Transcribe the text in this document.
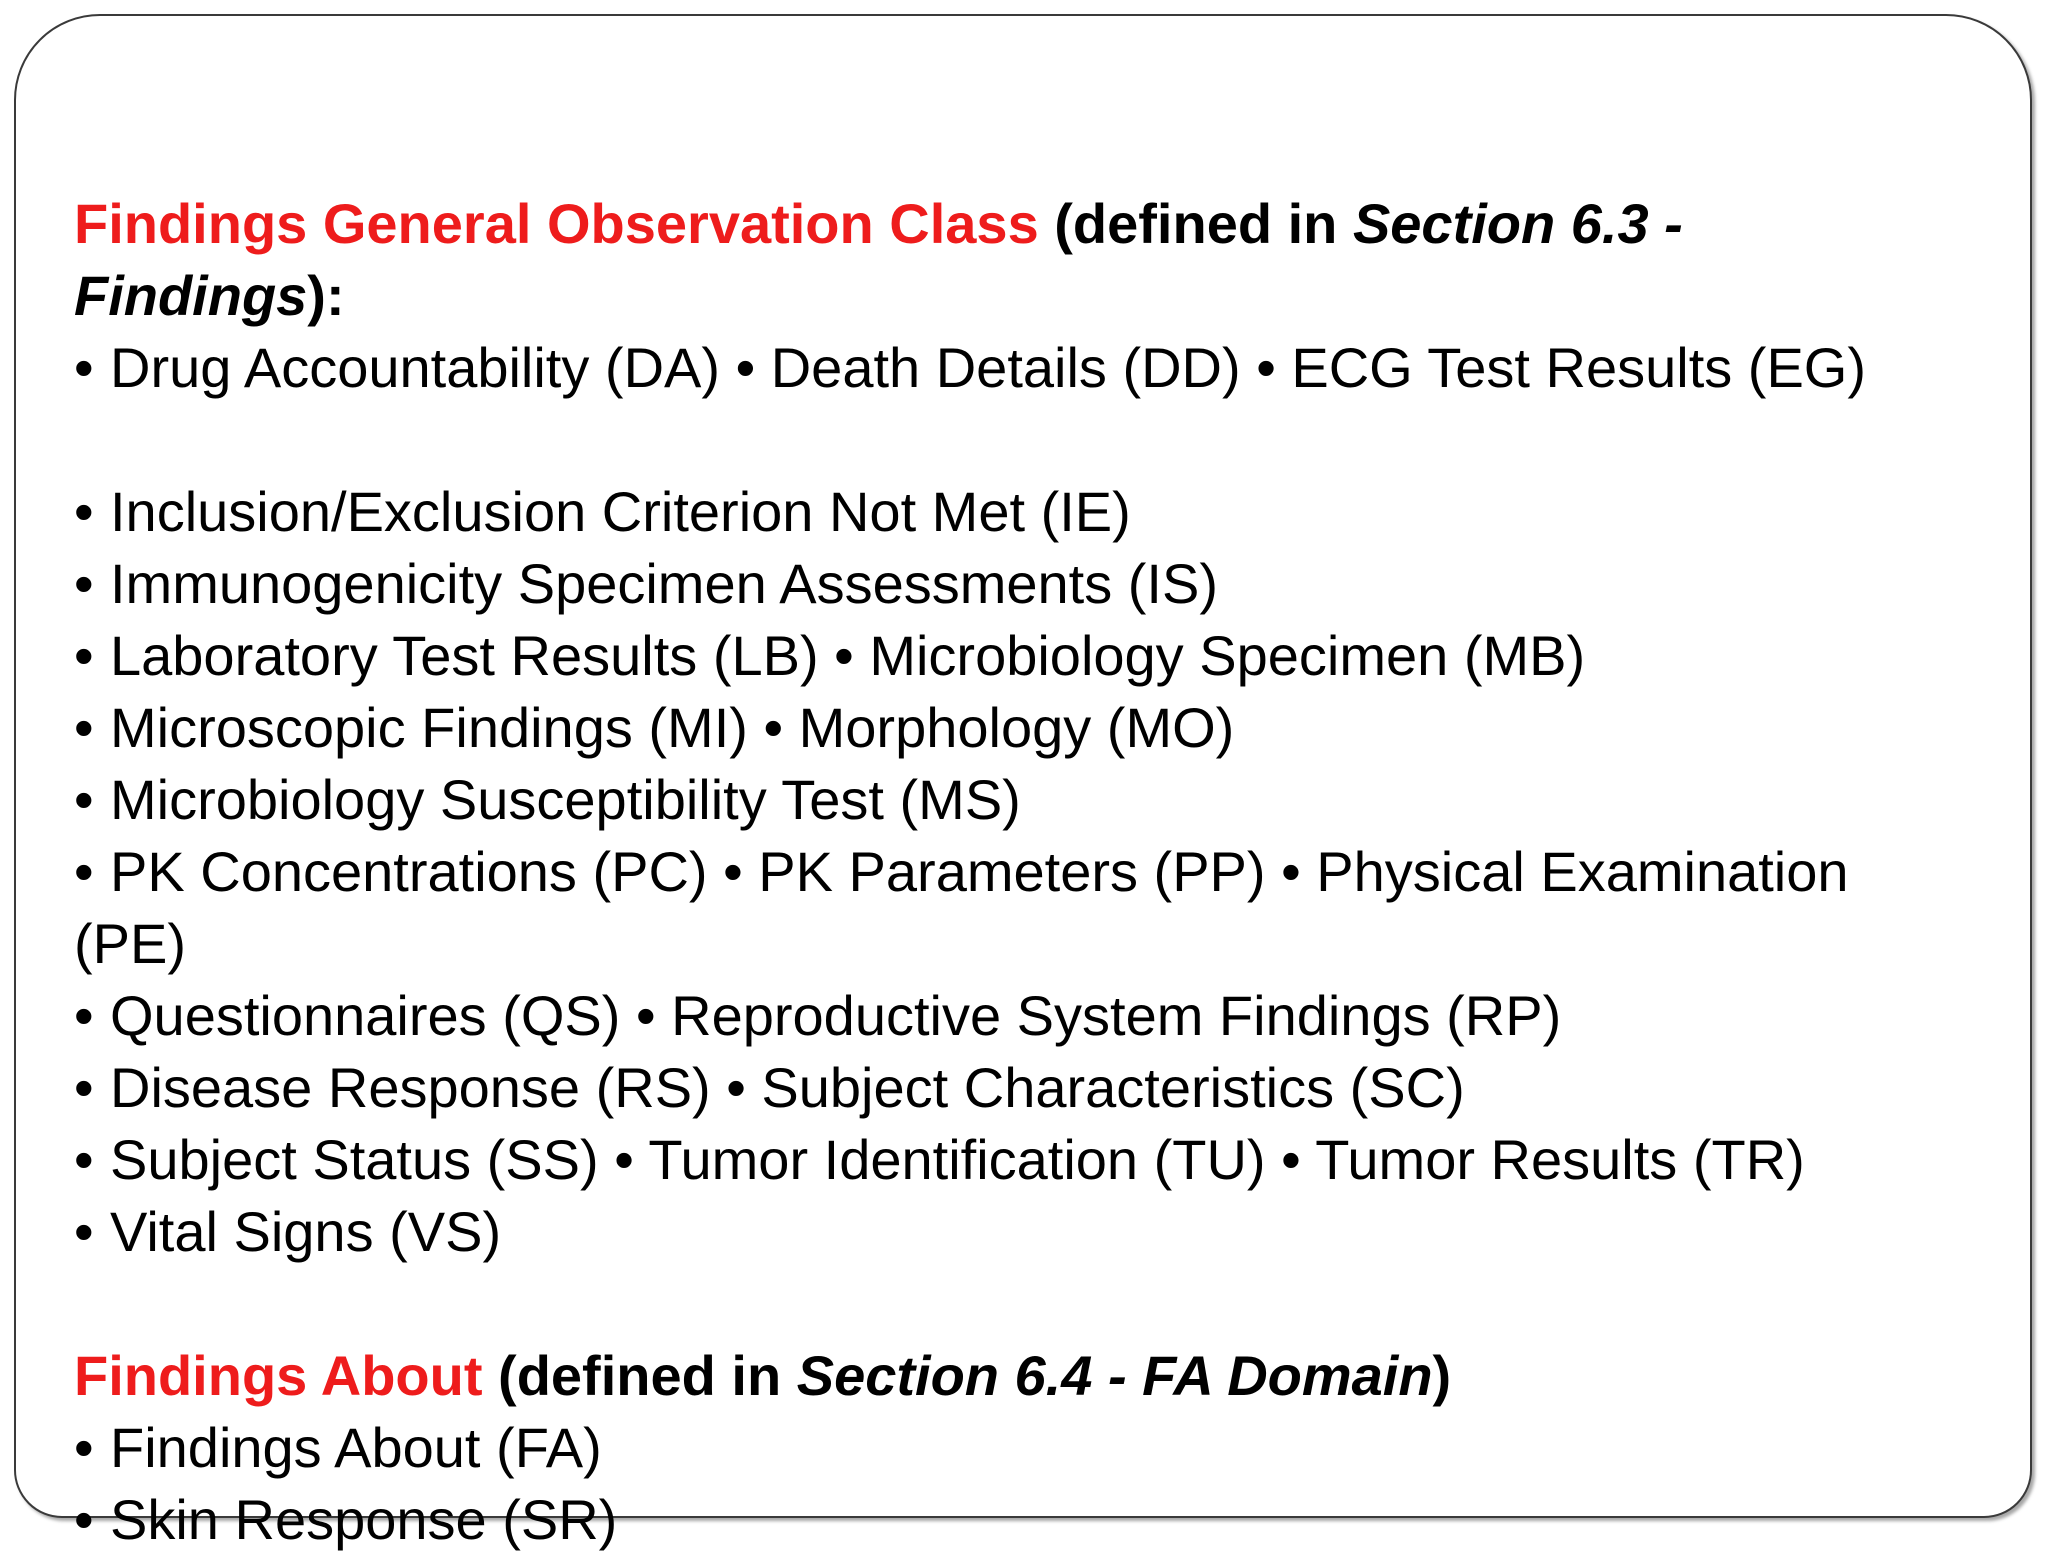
Findings General Observation Class (defined in Section 6.3 -
Findings):
• Drug Accountability (DA) • Death Details (DD) • ECG Test Results (EG)
• Inclusion/Exclusion Criterion Not Met (IE)
• Immunogenicity Specimen Assessments (IS)
• Laboratory Test Results (LB) • Microbiology Specimen (MB)
• Microscopic Findings (MI) • Morphology (MO)
• Microbiology Susceptibility Test (MS)
• PK Concentrations (PC) • PK Parameters (PP) • Physical Examination
(PE)
• Questionnaires (QS) • Reproductive System Findings (RP)
• Disease Response (RS) • Subject Characteristics (SC)
• Subject Status (SS) • Tumor Identification (TU) • Tumor Results (TR)
• Vital Signs (VS)
Findings About (defined in Section 6.4 - FA Domain)
• Findings About (FA)
• Skin Response (SR)
